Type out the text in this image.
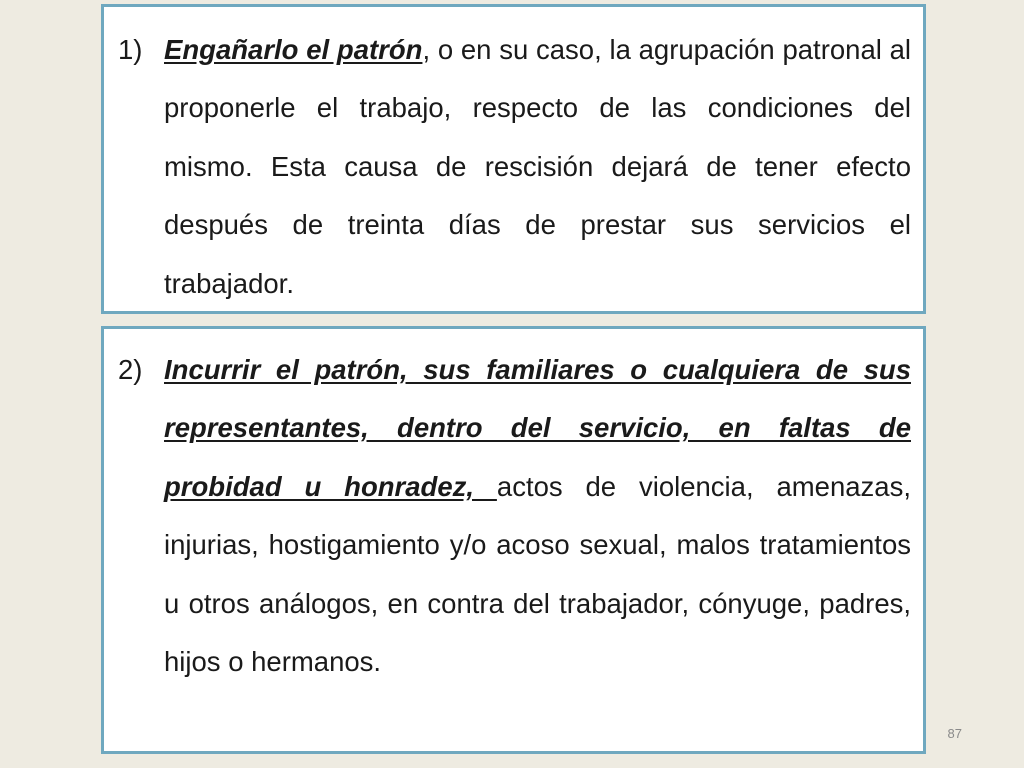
1) Engañarlo el patrón, o en su caso, la agrupación patronal al proponerle el trabajo, respecto de las condiciones del mismo. Esta causa de rescisión dejará de tener efecto después de treinta días de prestar sus servicios el trabajador.
2) Incurrir el patrón, sus familiares o cualquiera de sus representantes, dentro del servicio, en faltas de probidad u honradez, actos de violencia, amenazas, injurias, hostigamiento y/o acoso sexual, malos tratamientos u otros análogos, en contra del trabajador, cónyuge, padres, hijos o hermanos.
87
